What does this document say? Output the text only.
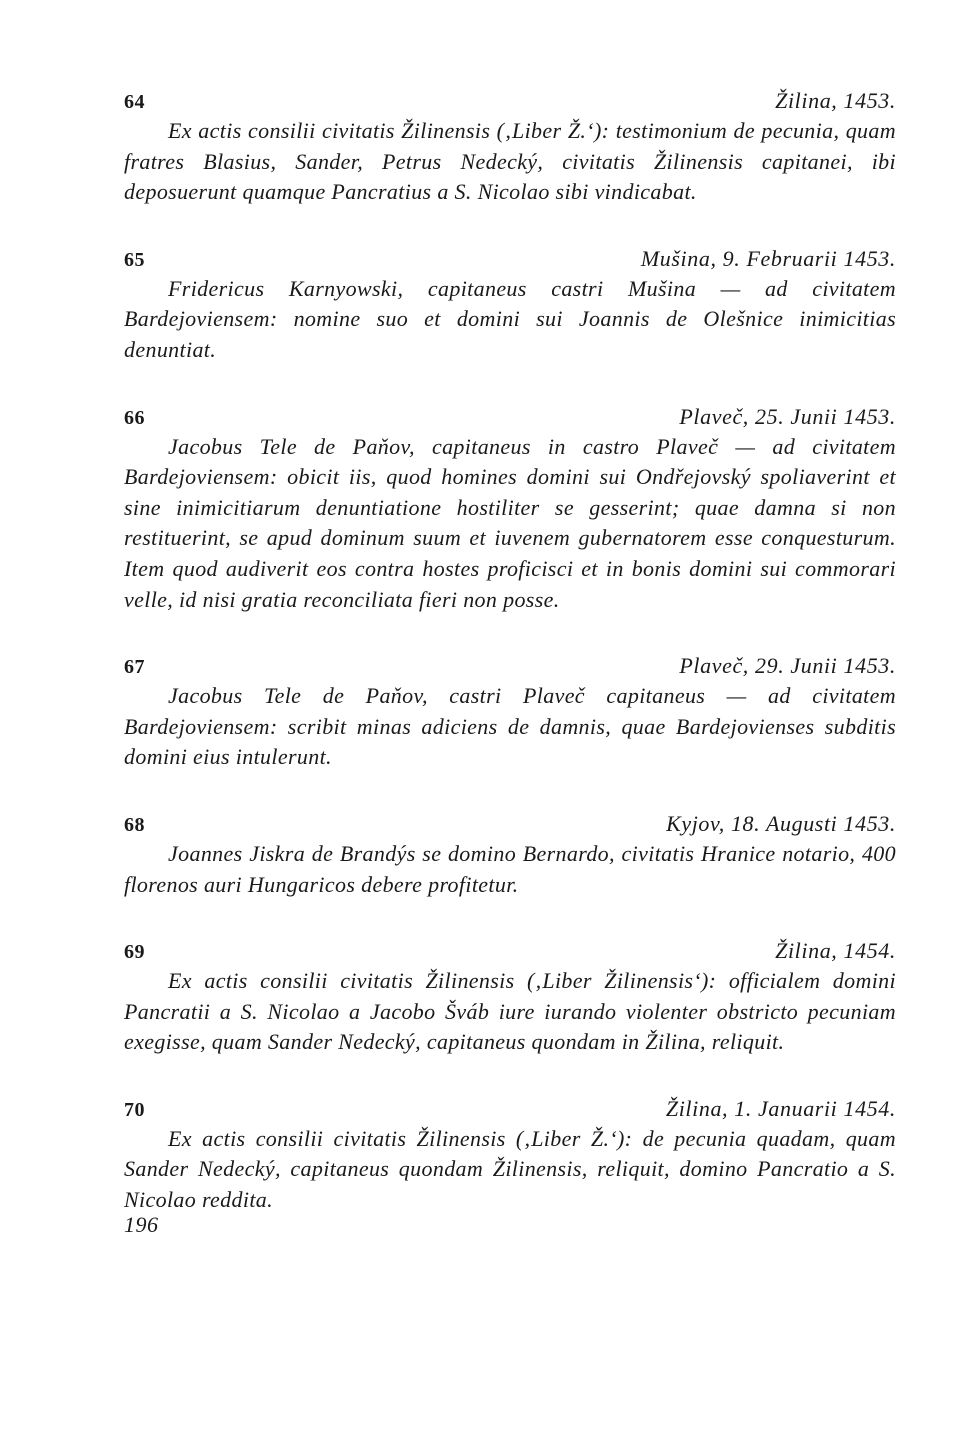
64	Žilina, 1453.

Ex actis consilii civitatis Žilinensis (‚Liber Ž.‘): testimonium de pecunia, quam fratres Blasius, Sander, Petrus Nedecký, civitatis Žilinensis capitanei, ibi deposuerunt quamque Pancratius a S. Nicolao sibi vindicabat.

65	Mušina, 9. Februarii 1453.

Fridericus Karnyowski, capitaneus castri Mušina — ad civitatem Bardejoviensem: nomine suo et domini sui Joannis de Olešnice inimicitias denuntiat.

66	Plaveč, 25. Junii 1453.

Jacobus Tele de Paňov, capitaneus in castro Plaveč — ad civitatem Bardejoviensem: obicit iis, quod homines domini sui Ondřejovský spoliaverint et sine inimicitiarum denuntiatione hostiliter se gesserint; quae damna si non restituerint, se apud dominum suum et iuvenem gubernatorem esse conquesturum. Item quod audiverit eos contra hostes proficisci et in bonis domini sui commorari velle, id nisi gratia reconciliata fieri non posse.

67	Plaveč, 29. Junii 1453.

Jacobus Tele de Paňov, castri Plaveč capitaneus — ad civitatem Bardejoviensem: scribit minas adiciens de damnis, quae Bardejovienses subditis domini eius intulerunt.

68	Kyjov, 18. Augusti 1453.

Joannes Jiskra de Brandýs se domino Bernardo, civitatis Hranice notario, 400 florenos auri Hungaricos debere profitetur.

69	Žilina, 1454.

Ex actis consilii civitatis Žilinensis (‚Liber Žilinensis‘): officialem domini Pancratii a S. Nicolao a Jacobo Šváb iure iurando violenter obstricto pecuniam exegisse, quam Sander Nedecký, capitaneus quondam in Žilina, reliquit.

70	Žilina, 1. Januarii 1454.

Ex actis consilii civitatis Žilinensis (‚Liber Ž.‘): de pecunia quadam, quam Sander Nedecký, capitaneus quondam Žilinensis, reliquit, domino Pancratio a S. Nicolao reddita.

196
